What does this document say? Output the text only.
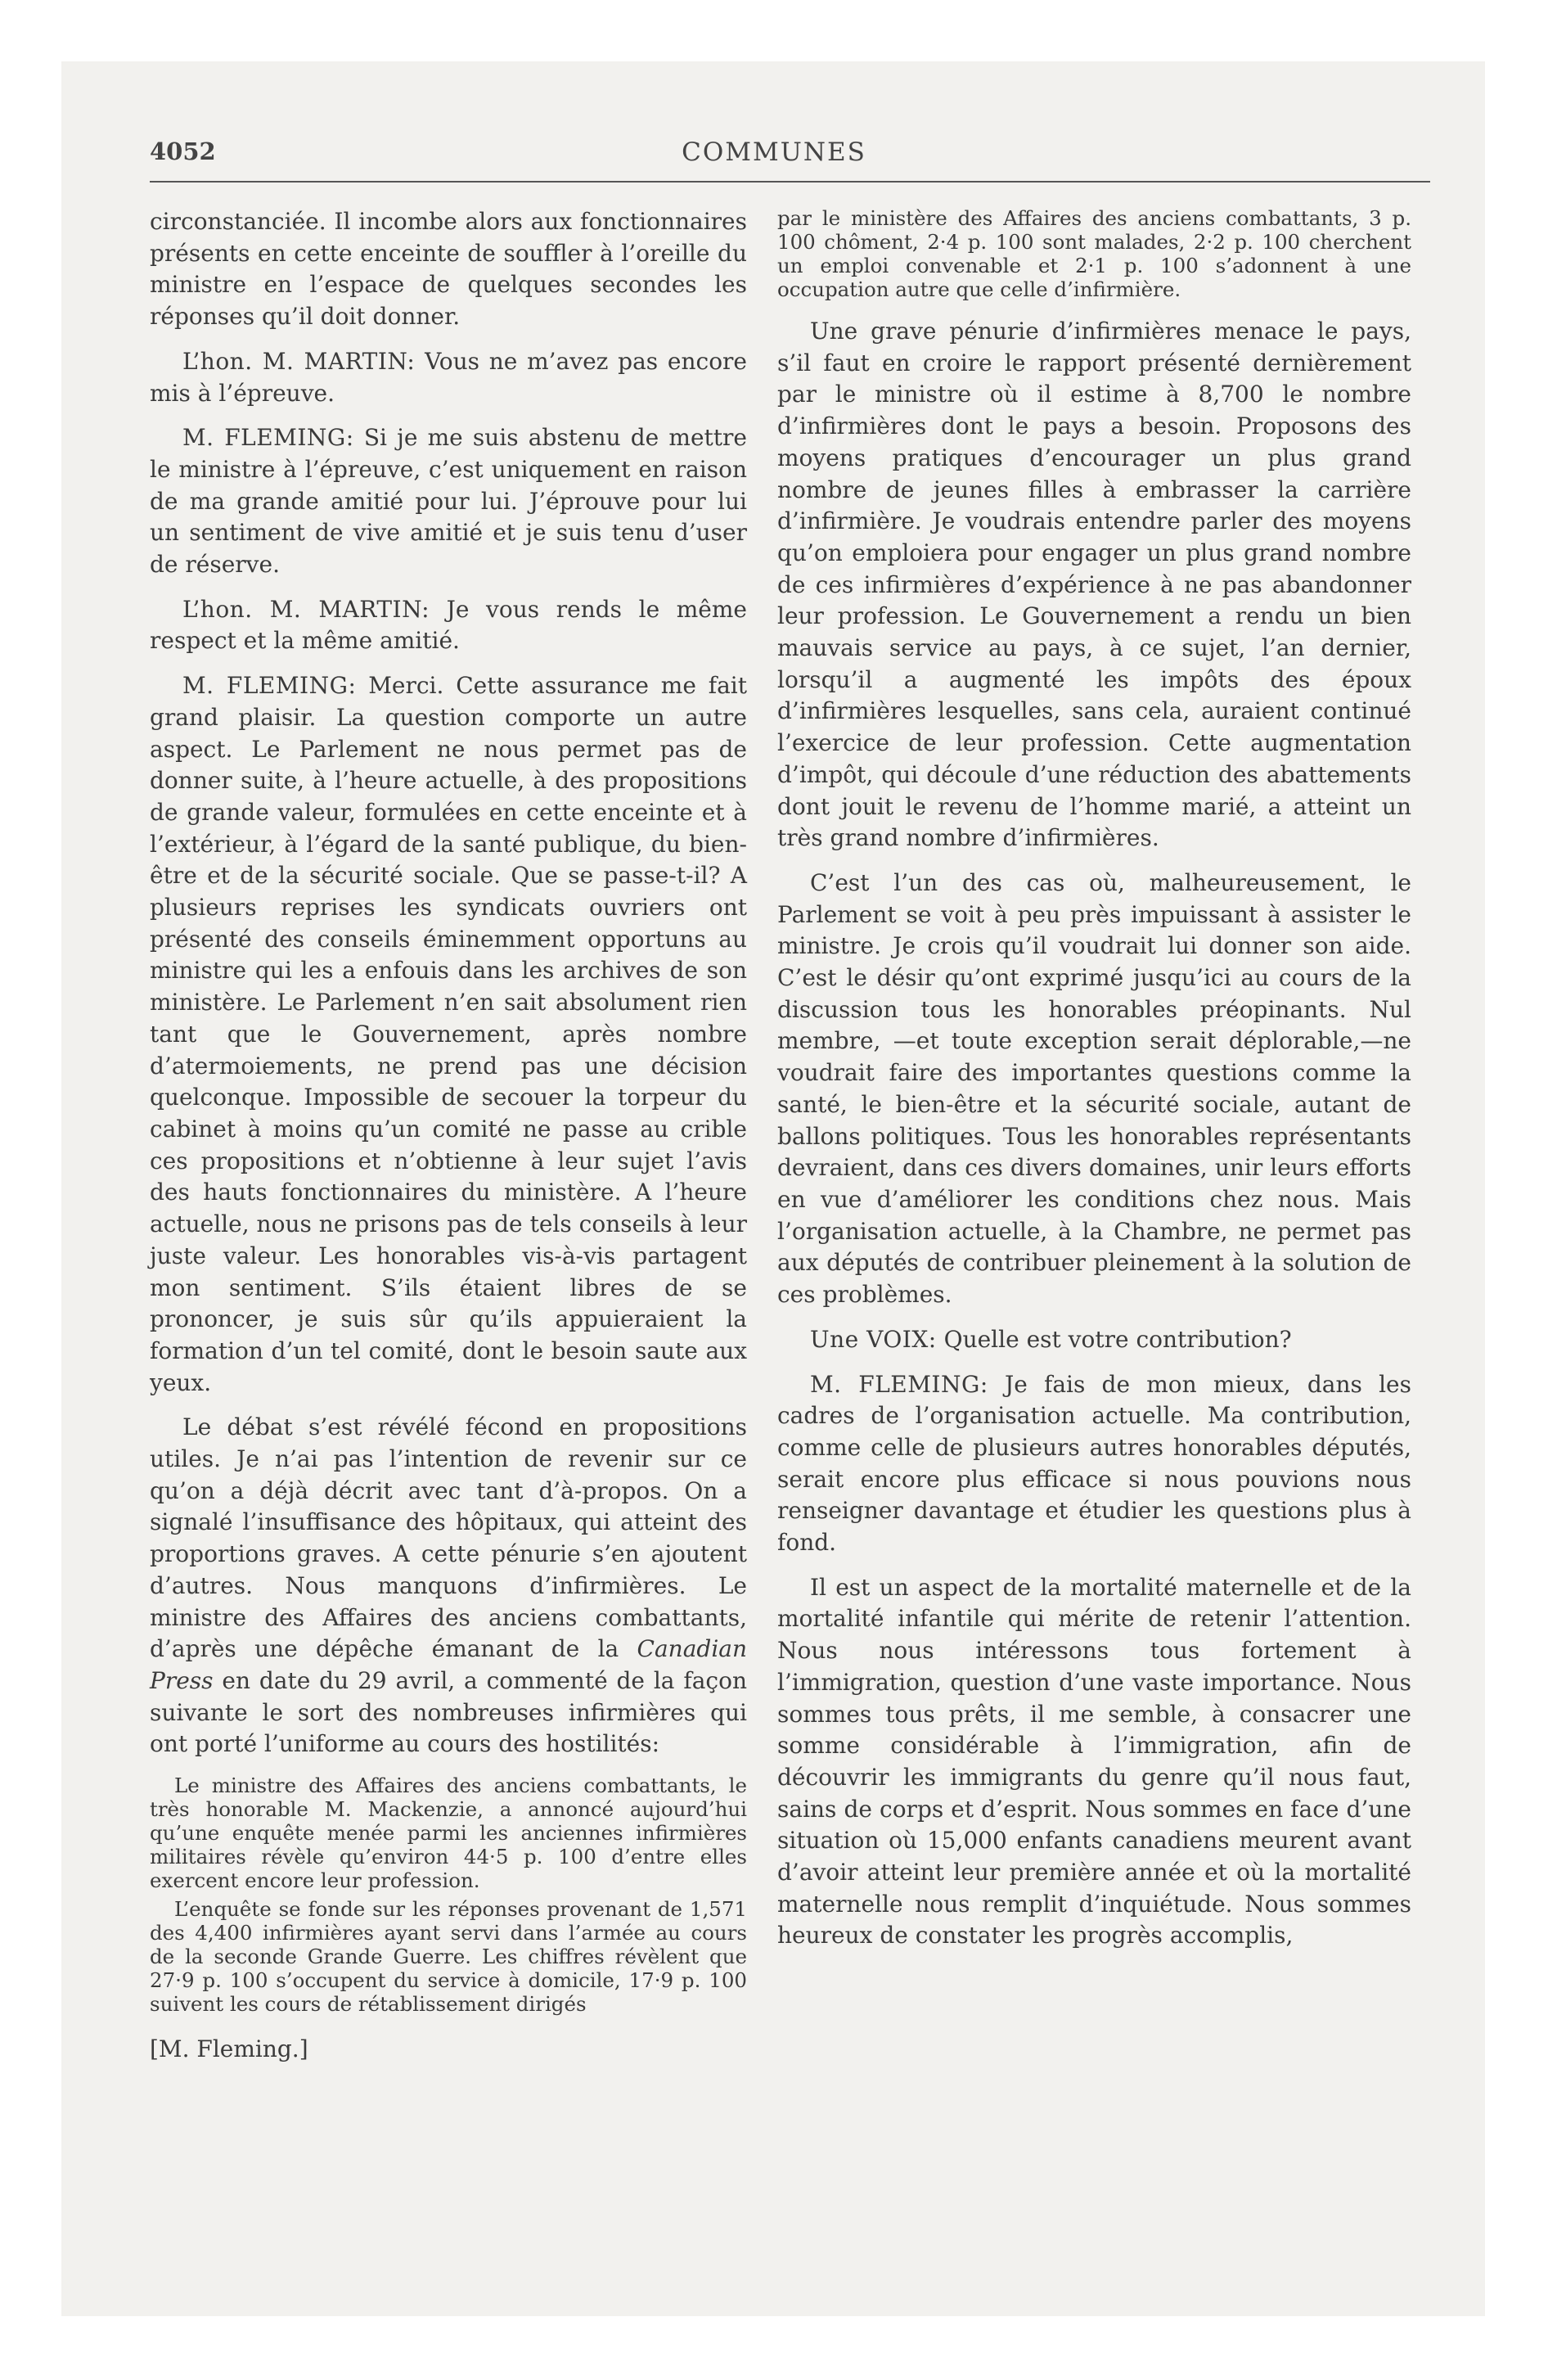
4052	COMMUNES

circonstanciée. Il incombe alors aux fonctionnaires présents en cette enceinte de souffler à l’oreille du ministre en l’espace de quelques secondes les réponses qu’il doit donner.

L’hon. M. MARTIN: Vous ne m’avez pas encore mis à l’épreuve.

M. FLEMING: Si je me suis abstenu de mettre le ministre à l’épreuve, c’est uniquement en raison de ma grande amitié pour lui. J’éprouve pour lui un sentiment de vive amitié et je suis tenu d’user de réserve.

L’hon. M. MARTIN: Je vous rends le même respect et la même amitié.

M. FLEMING: Merci. Cette assurance me fait grand plaisir. La question comporte un autre aspect. Le Parlement ne nous permet pas de donner suite, à l’heure actuelle, à des propositions de grande valeur, formulées en cette enceinte et à l’extérieur, à l’égard de la santé publique, du bien-être et de la sécurité sociale. Que se passe-t-il? A plusieurs reprises les syndicats ouvriers ont présenté des conseils éminemment opportuns au ministre qui les a enfouis dans les archives de son ministère. Le Parlement n’en sait absolument rien tant que le Gouvernement, après nombre d’atermoiements, ne prend pas une décision quelconque. Impossible de secouer la torpeur du cabinet à moins qu’un comité ne passe au crible ces propositions et n’obtienne à leur sujet l’avis des hauts fonctionnaires du ministère. A l’heure actuelle, nous ne prisons pas de tels conseils à leur juste valeur. Les honorables vis-à-vis partagent mon sentiment. S’ils étaient libres de se prononcer, je suis sûr qu’ils appuieraient la formation d’un tel comité, dont le besoin saute aux yeux.

Le débat s’est révélé fécond en propositions utiles. Je n’ai pas l’intention de revenir sur ce qu’on a déjà décrit avec tant d’à-propos. On a signalé l’insuffisance des hôpitaux, qui atteint des proportions graves. A cette pénurie s’en ajoutent d’autres. Nous manquons d’infirmières. Le ministre des Affaires des anciens combattants, d’après une dépêche émanant de la Canadian Press en date du 29 avril, a commenté de la façon suivante le sort des nombreuses infirmières qui ont porté l’uniforme au cours des hostilités:

Le ministre des Affaires des anciens combattants, le très honorable M. Mackenzie, a annoncé aujourd’hui qu’une enquête menée parmi les anciennes infirmières militaires révèle qu’environ 44·5 p. 100 d’entre elles exercent encore leur profession.

L’enquête se fonde sur les réponses provenant de 1,571 des 4,400 infirmières ayant servi dans l’armée au cours de la seconde Grande Guerre. Les chiffres révèlent que 27·9 p. 100 s’occupent du service à domicile, 17·9 p. 100 suivent les cours de rétablissement dirigés

[M. Fleming.]

par le ministère des Affaires des anciens combattants, 3 p. 100 chôment, 2·4 p. 100 sont malades, 2·2 p. 100 cherchent un emploi convenable et 2·1 p. 100 s’adonnent à une occupation autre que celle d’infirmière.

Une grave pénurie d’infirmières menace le pays, s’il faut en croire le rapport présenté dernièrement par le ministre où il estime à 8,700 le nombre d’infirmières dont le pays a besoin. Proposons des moyens pratiques d’encourager un plus grand nombre de jeunes filles à embrasser la carrière d’infirmière. Je voudrais entendre parler des moyens qu’on emploiera pour engager un plus grand nombre de ces infirmières d’expérience à ne pas abandonner leur profession. Le Gouvernement a rendu un bien mauvais service au pays, à ce sujet, l’an dernier, lorsqu’il a augmenté les impôts des époux d’infirmières lesquelles, sans cela, auraient continué l’exercice de leur profession. Cette augmentation d’impôt, qui découle d’une réduction des abattements dont jouit le revenu de l’homme marié, a atteint un très grand nombre d’infirmières.

C’est l’un des cas où, malheureusement, le Parlement se voit à peu près impuissant à assister le ministre. Je crois qu’il voudrait lui donner son aide. C’est le désir qu’ont exprimé jusqu’ici au cours de la discussion tous les honorables préopinants. Nul membre, —et toute exception serait déplorable,—ne voudrait faire des importantes questions comme la santé, le bien-être et la sécurité sociale, autant de ballons politiques. Tous les honorables représentants devraient, dans ces divers domaines, unir leurs efforts en vue d’améliorer les conditions chez nous. Mais l’organisation actuelle, à la Chambre, ne permet pas aux députés de contribuer pleinement à la solution de ces problèmes.

Une VOIX: Quelle est votre contribution?

M. FLEMING: Je fais de mon mieux, dans les cadres de l’organisation actuelle. Ma contribution, comme celle de plusieurs autres honorables députés, serait encore plus efficace si nous pouvions nous renseigner davantage et étudier les questions plus à fond.

Il est un aspect de la mortalité maternelle et de la mortalité infantile qui mérite de retenir l’attention. Nous nous intéressons tous fortement à l’immigration, question d’une vaste importance. Nous sommes tous prêts, il me semble, à consacrer une somme considérable à l’immigration, afin de découvrir les immigrants du genre qu’il nous faut, sains de corps et d’esprit. Nous sommes en face d’une situation où 15,000 enfants canadiens meurent avant d’avoir atteint leur première année et où la mortalité maternelle nous remplit d’inquiétude. Nous sommes heureux de constater les progrès accomplis,
